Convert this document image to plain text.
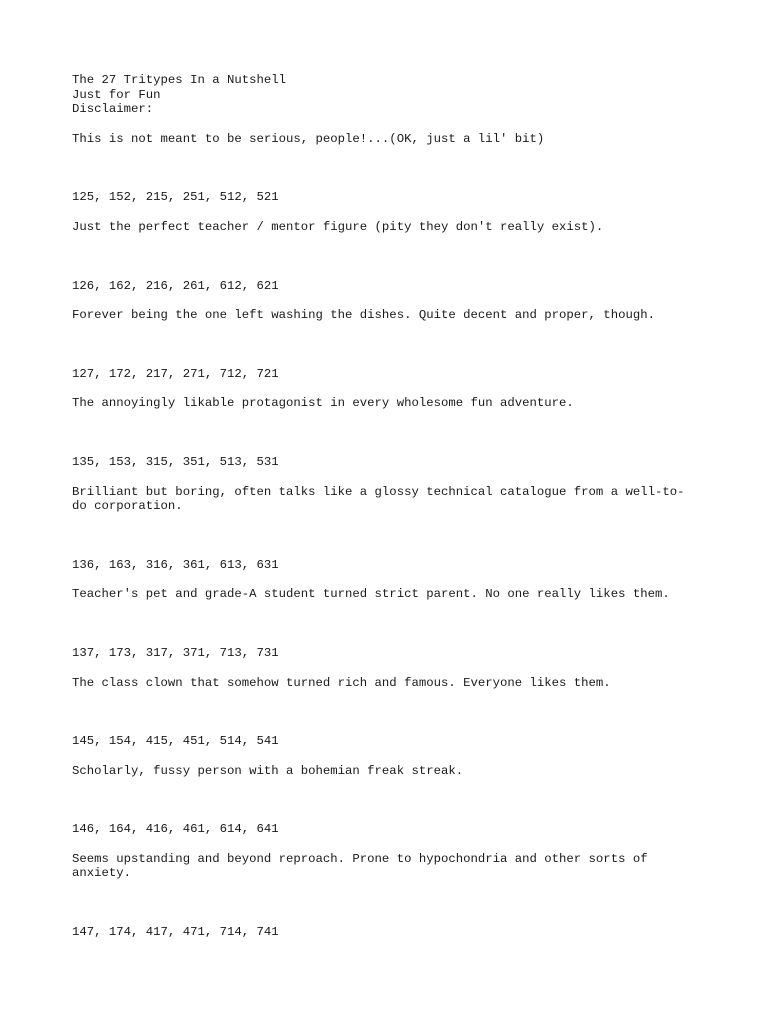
The 27 Tritypes In a Nutshell
Just for Fun
Disclaimer:
This is not meant to be serious, people!...(OK, just a lil' bit)
125, 152, 215, 251, 512, 521
Just the perfect teacher / mentor figure (pity they don't really exist).
126, 162, 216, 261, 612, 621
Forever being the one left washing the dishes. Quite decent and proper, though.
127, 172, 217, 271, 712, 721
The annoyingly likable protagonist in every wholesome fun adventure.
135, 153, 315, 351, 513, 531
Brilliant but boring, often talks like a glossy technical catalogue from a well-to-
do corporation.
136, 163, 316, 361, 613, 631
Teacher's pet and grade-A student turned strict parent. No one really likes them.
137, 173, 317, 371, 713, 731
The class clown that somehow turned rich and famous. Everyone likes them.
145, 154, 415, 451, 514, 541
Scholarly, fussy person with a bohemian freak streak.
146, 164, 416, 461, 614, 641
Seems upstanding and beyond reproach. Prone to hypochondria and other sorts of
anxiety.
147, 174, 417, 471, 714, 741
